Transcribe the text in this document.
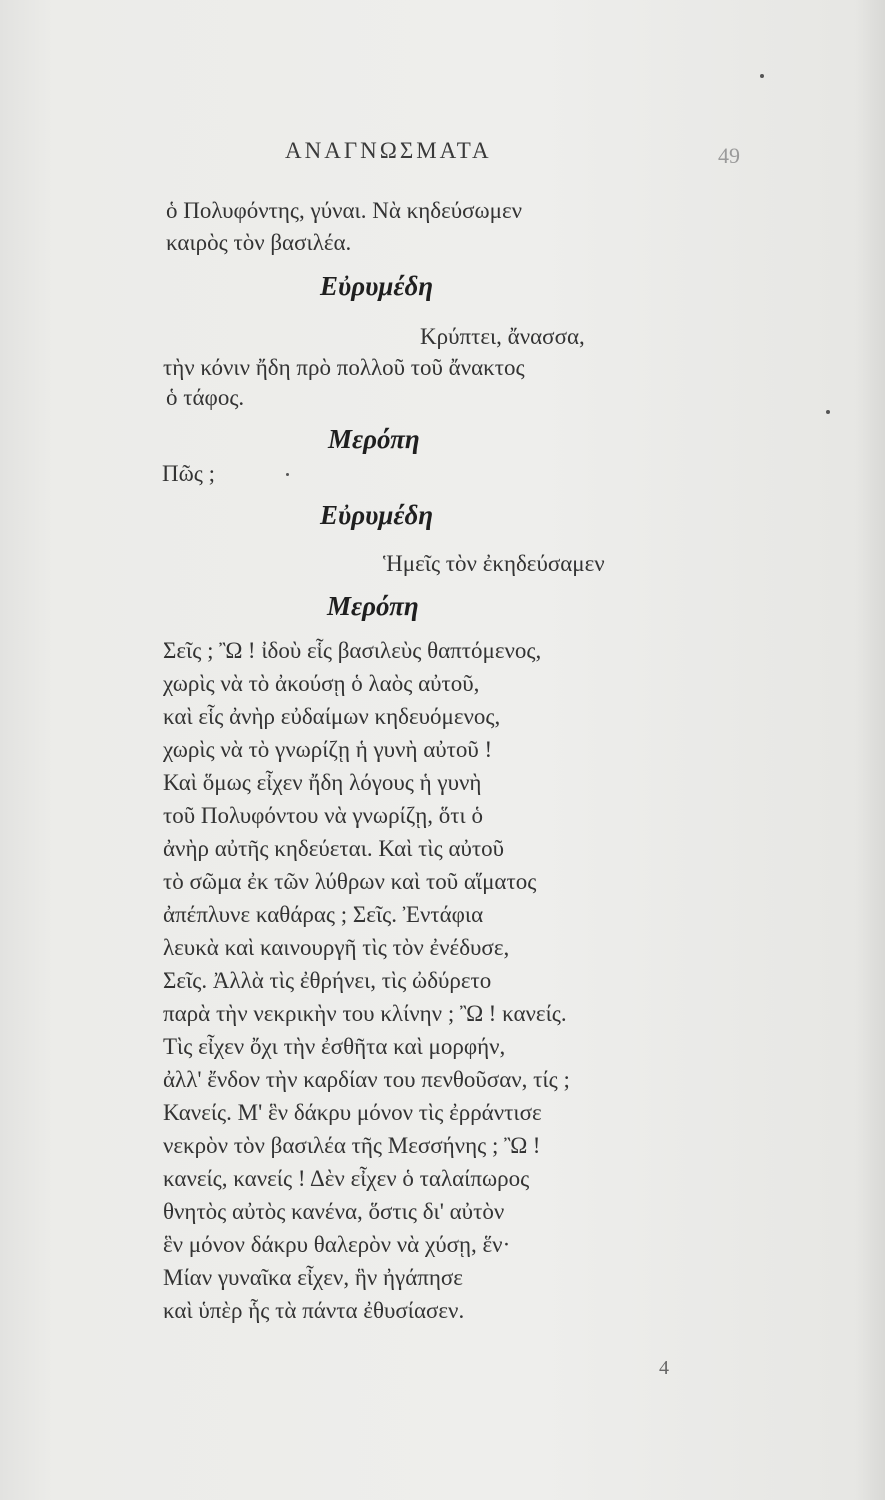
ΑΝΑΓΝΩΣΜΑΤΑ	49
ὁ Πολυφόντης, γύναι. Νὰ κηδεύσωμεν
καιρὸς τὸν βασιλέα.
Εὐρυμέδη
Κρύπτει, ἄνασσα,
τὴν κόνιν ἤδη πρὸ πολλοῦ τοῦ ἄνακτος
ὁ τάφος.
Μερόπη
Πῶς ;
Εὐρυμέδη
Ἡμεῖς τὸν ἐκηδεύσαμεν
Μερόπη
Σεῖς ; Ὢ ! ἰδοὺ εἷς βασιλεὺς θαπτόμενος,
χωρὶς νὰ τὸ ἀκούσῃ ὁ λαὸς αὐτοῦ,
καὶ εἷς ἀνὴρ εὐδαίμων κηδευόμενος,
χωρὶς νὰ τὸ γνωρίζῃ ἡ γυνὴ αὐτοῦ !
Καὶ ὅμως εἶχεν ἤδη λόγους ἡ γυνὴ
τοῦ Πολυφόντου νὰ γνωρίζῃ, ὅτι ὁ
ἀνὴρ αὐτῆς κηδεύεται. Καὶ τὶς αὐτοῦ
τὸ σῶμα ἐκ τῶν λύθρων καὶ τοῦ αἵματος
ἀπέπλυνε καθάρας ; Σεῖς. Ἐντάφια
λευκὰ καὶ καινουργῆ τὶς τὸν ἐνέδυσε,
Σεῖς. Ἀλλὰ τὶς ἐθρήνει, τὶς ὠδύρετο
παρὰ τὴν νεκρικὴν του κλίνην ; Ὢ ! κανείς.
Τὶς εἶχεν ὄχι τὴν ἐσθῆτα καὶ μορφήν,
ἀλλ' ἔνδον τὴν καρδίαν του πενθοῦσαν, τίς ;
Κανείς. Μ' ἓν δάκρυ μόνον τὶς ἐρράντισε
νεκρὸν τὸν βασιλέα τῆς Μεσσήνης ; Ὢ !
κανείς, κανείς ! Δὲν εἶχεν ὁ ταλαίπωρος
θνητὸς αὐτὸς κανένα, ὅστις δι' αὐτὸν
ἓν μόνον δάκρυ θαλερὸν νὰ χύσῃ, ἕν·
Μίαν γυναῖκα εἶχεν, ἣν ἠγάπησε
καὶ ὑπὲρ ἧς τὰ πάντα ἐθυσίασεν.
4
